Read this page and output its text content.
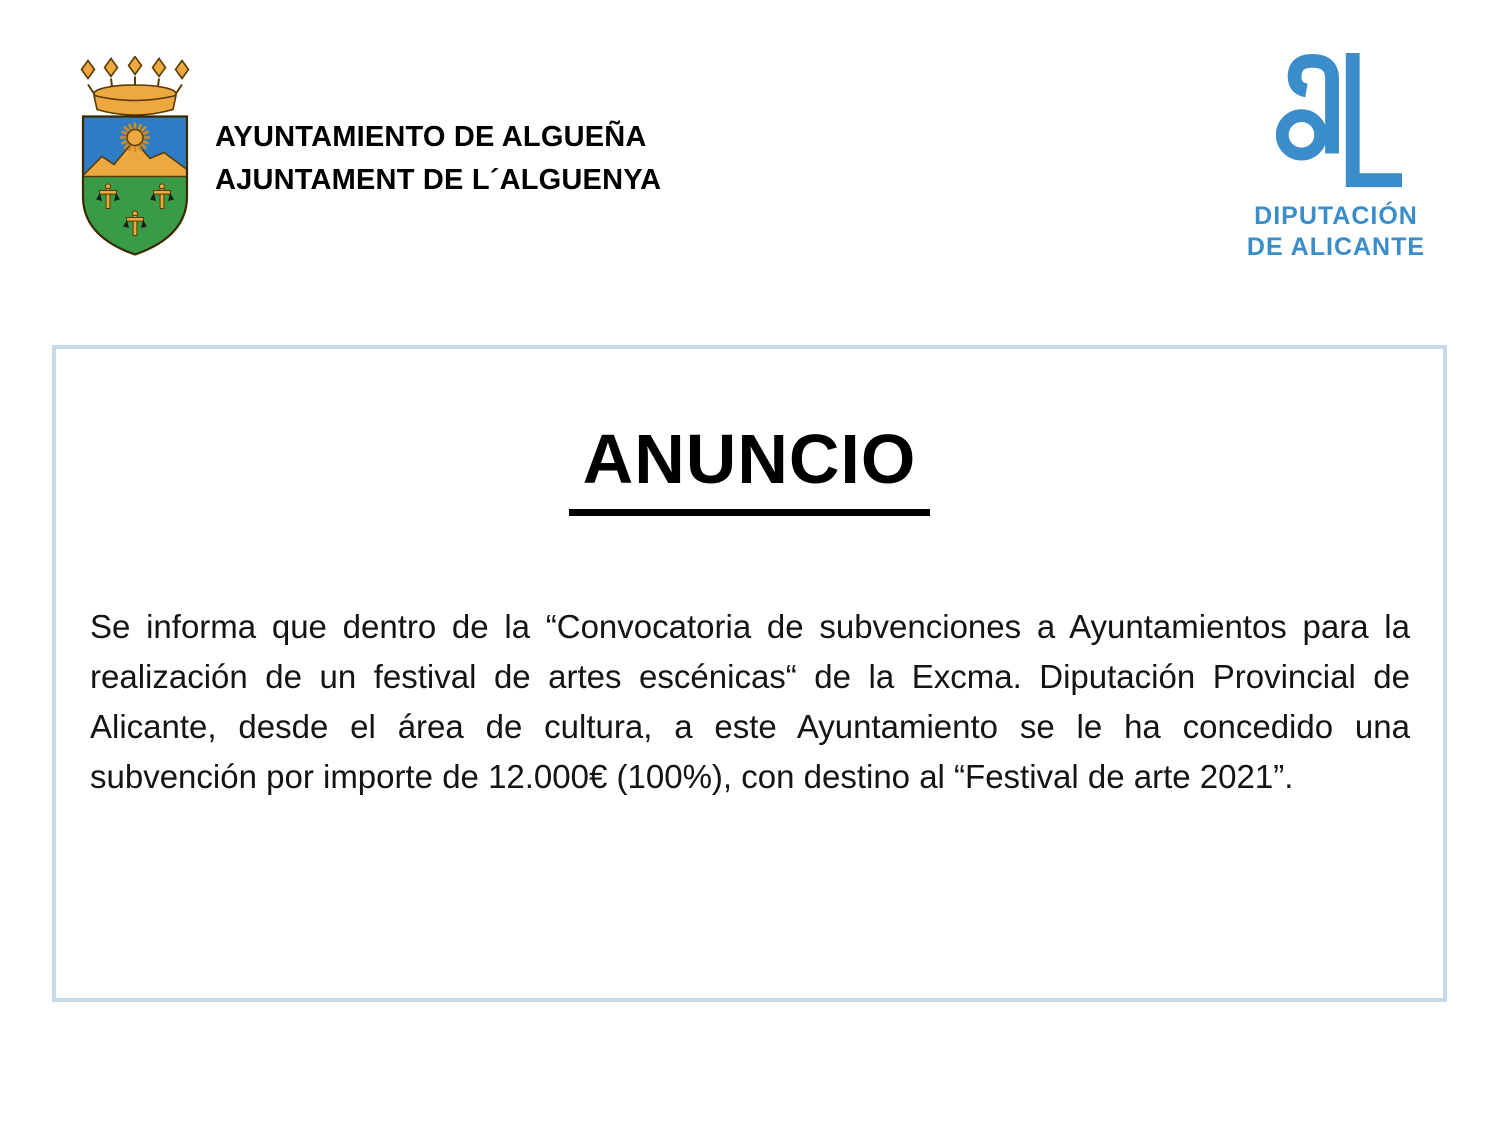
AYUNTAMIENTO DE ALGUEÑA
AJUNTAMENT DE L´ALGUENYA
DIPUTACIÓN
DE ALICANTE
ANUNCIO
Se informa que dentro de la “Convocatoria de subvenciones a Ayuntamientos para la
realización de un festival de artes escénicas“ de la Excma. Diputación Provincial de
Alicante, desde el área de cultura, a este Ayuntamiento se le ha concedido una
subvención por importe de 12.000€ (100%), con destino al “Festival de arte 2021”.
